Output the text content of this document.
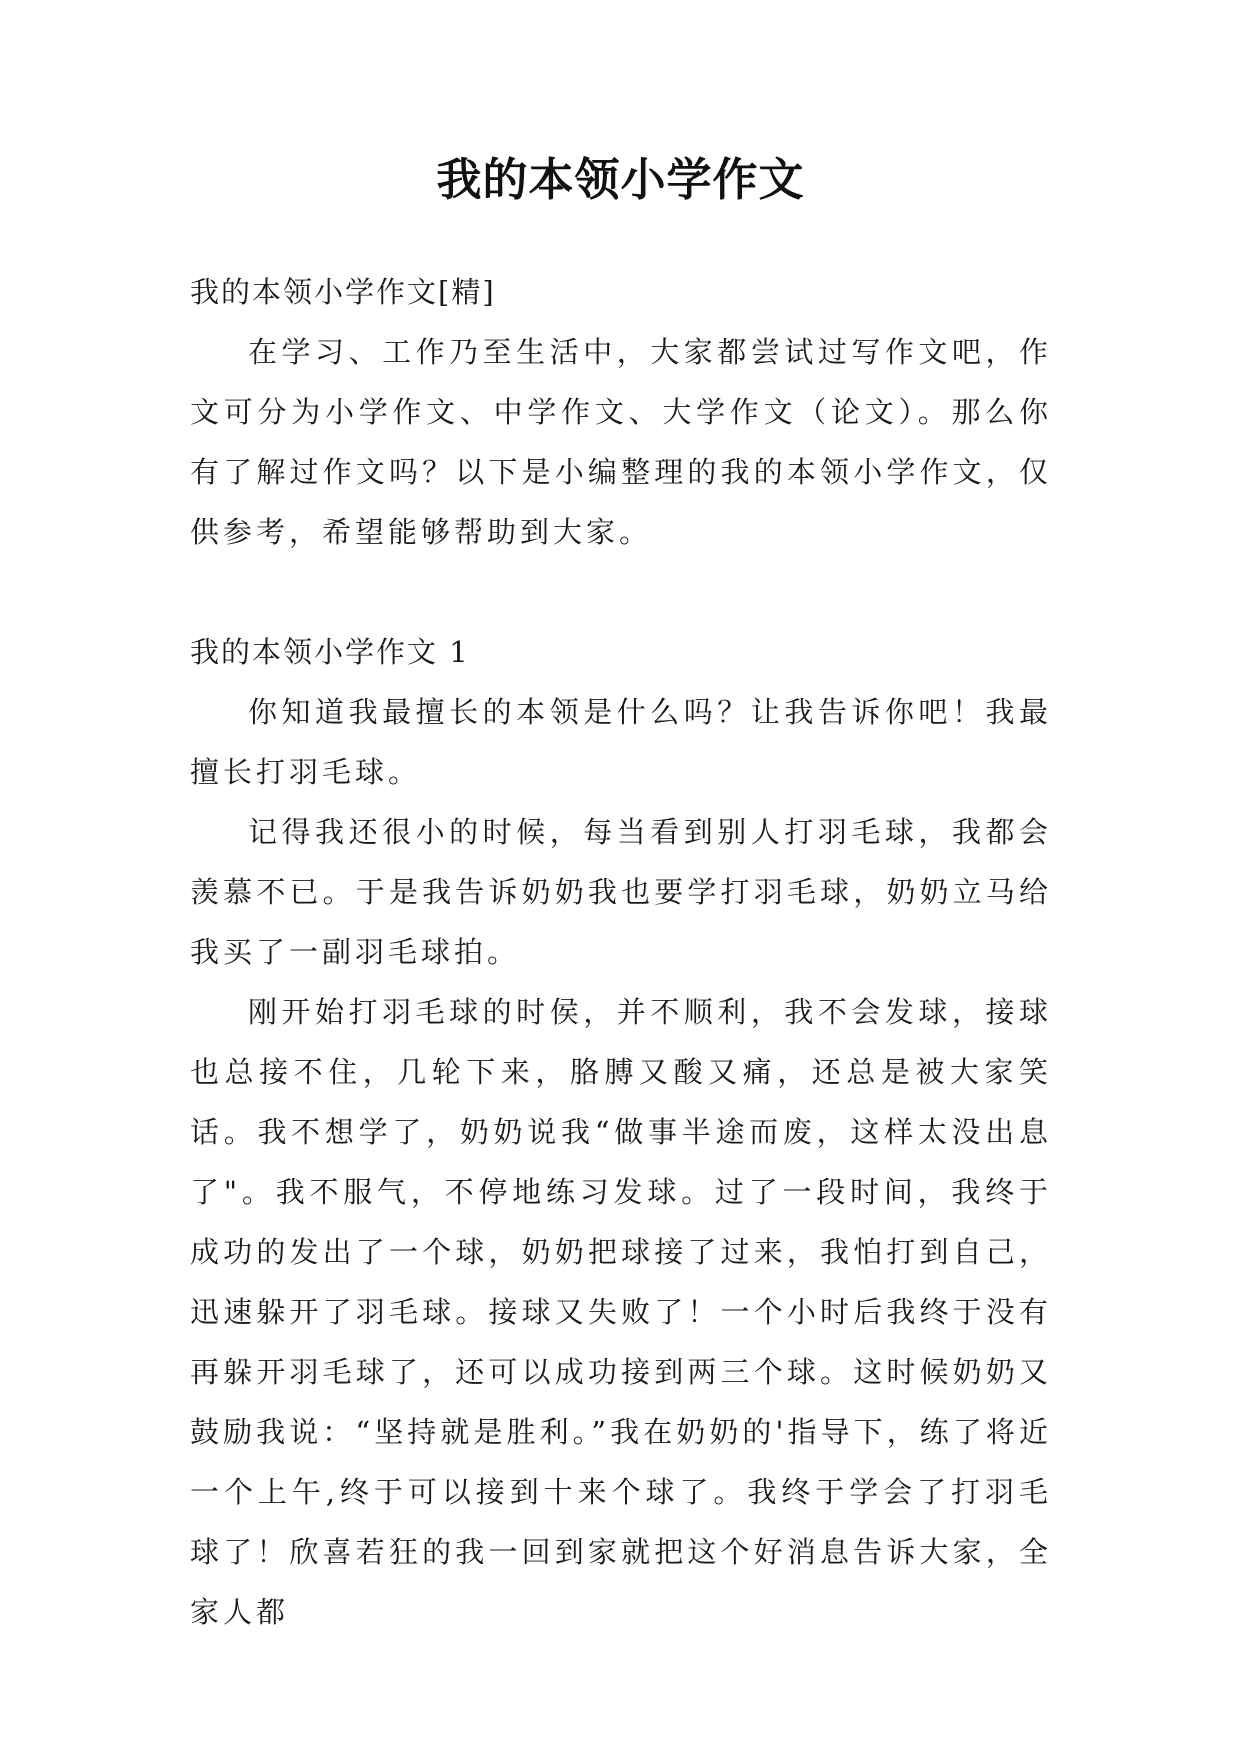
我的本领小学作文

我的本领小学作文[精]

在学习、工作乃至生活中，大家都尝试过写作文吧，作文可分为小学作文、中学作文、大学作文（论文）。那么你有了解过作文吗？以下是小编整理的我的本领小学作文，仅供参考，希望能够帮助到大家。

我的本领小学作文 1

你知道我最擅长的本领是什么吗？让我告诉你吧！我最擅长打羽毛球。

记得我还很小的时候，每当看到别人打羽毛球，我都会羡慕不已。于是我告诉奶奶我也要学打羽毛球，奶奶立马给我买了一副羽毛球拍。

刚开始打羽毛球的时侯，并不顺利，我不会发球，接球也总接不住，几轮下来，胳膊又酸又痛，还总是被大家笑话。我不想学了，奶奶说我“做事半途而废，这样太没出息了"。我不服气，不停地练习发球。过了一段时间，我终于成功的发出了一个球，奶奶把球接了过来，我怕打到自己，迅速躲开了羽毛球。接球又失败了！一个小时后我终于没有再躲开羽毛球了，还可以成功接到两三个球。这时候奶奶又鼓励我说：“坚持就是胜利。”我在奶奶的'指导下，练了将近一个上午,终于可以接到十来个球了。我终于学会了打羽毛球了！欣喜若狂的我一回到家就把这个好消息告诉大家，全家人都
